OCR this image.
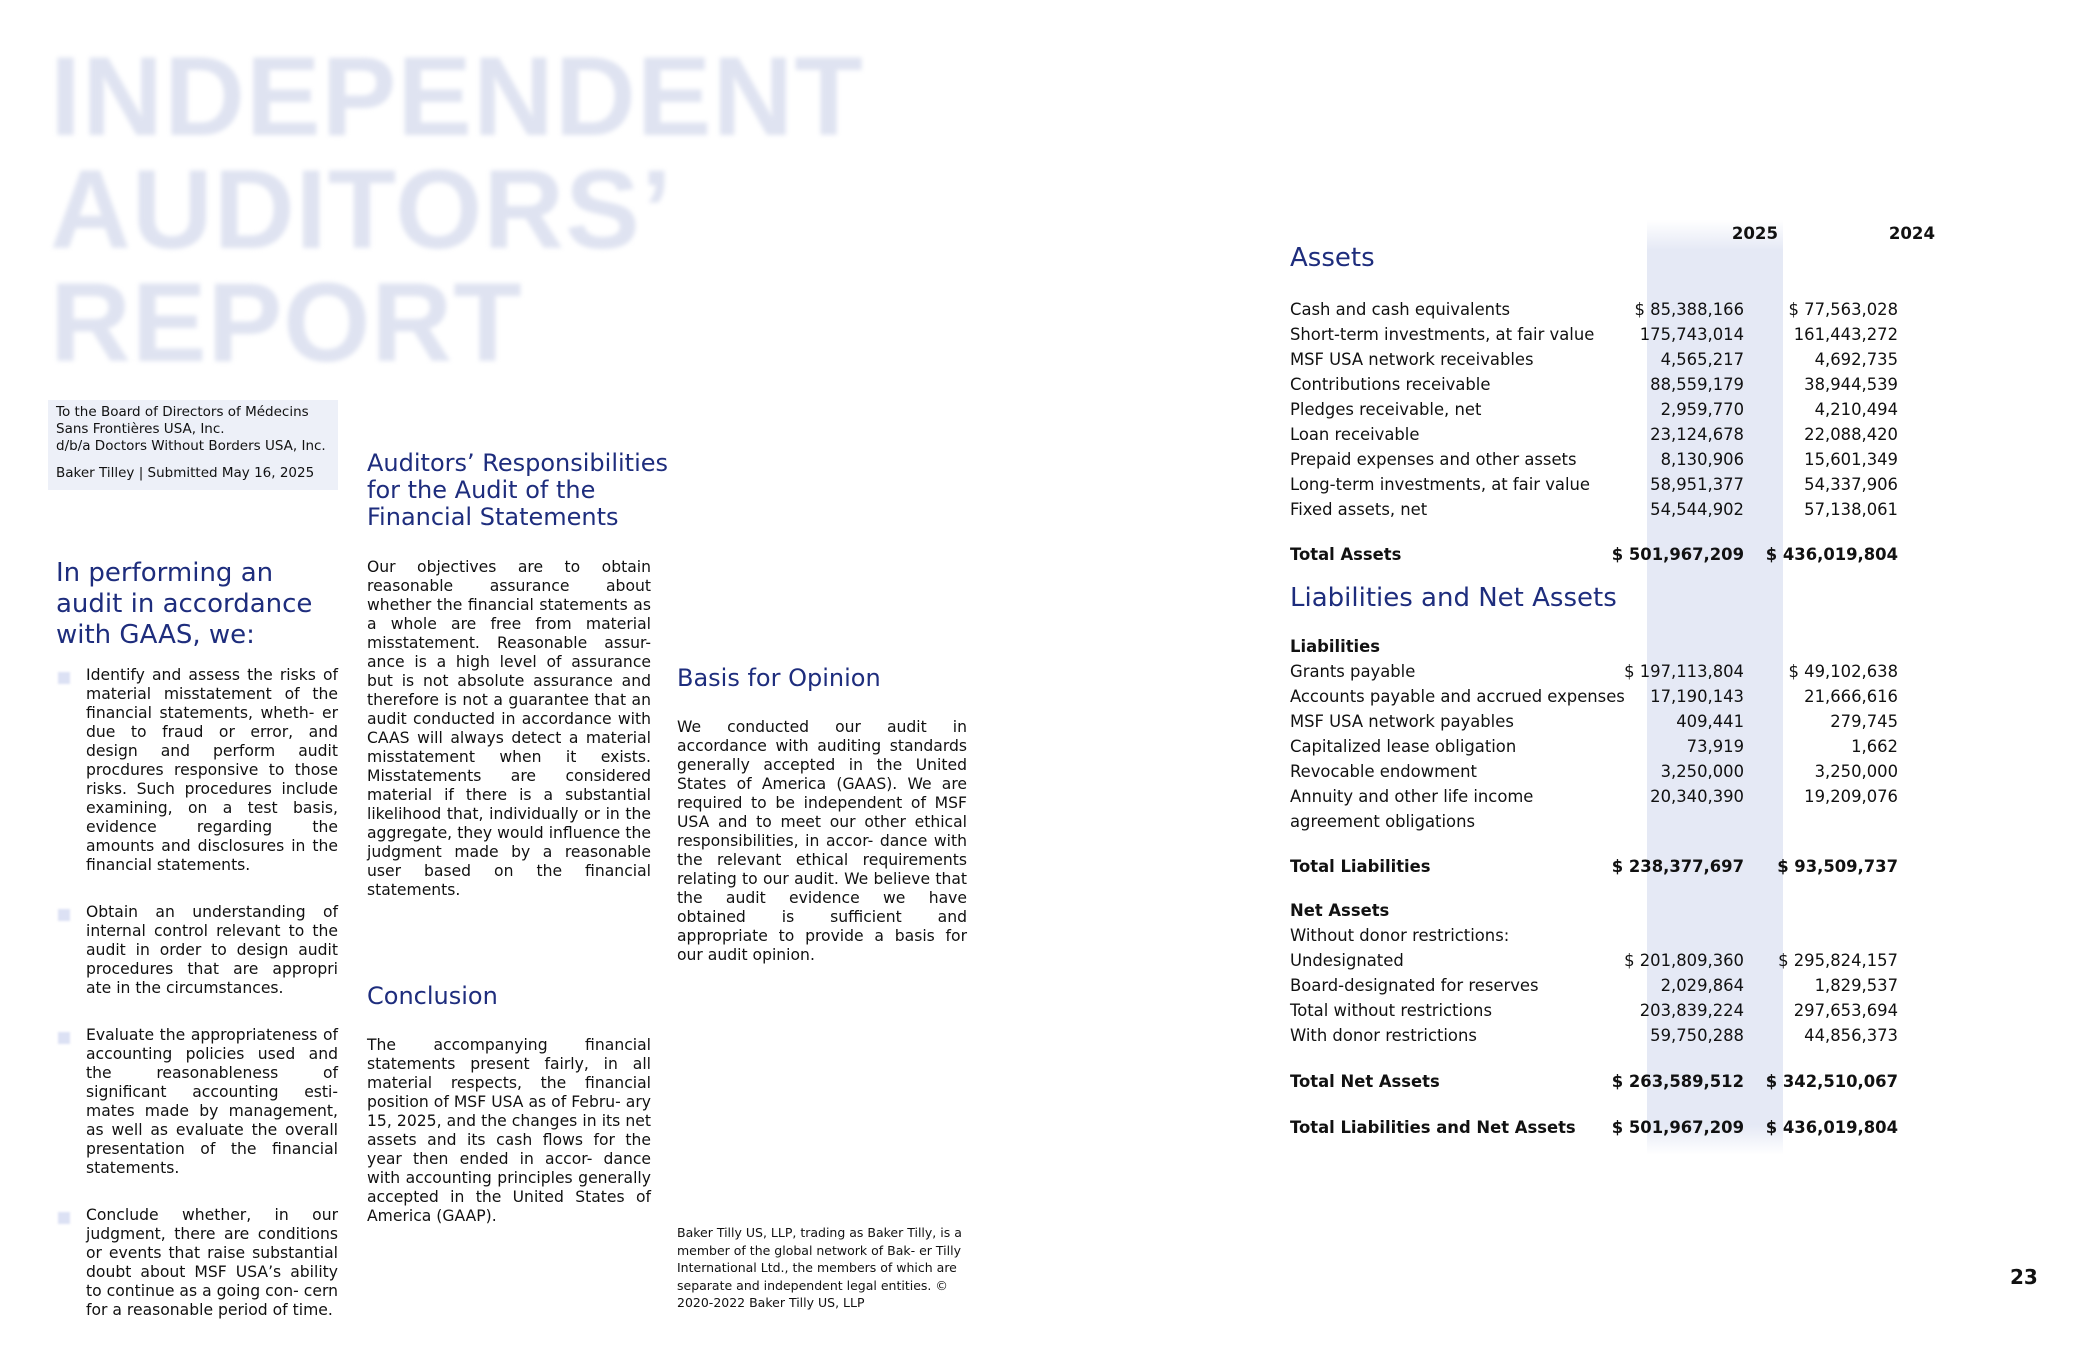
INDEPENDENT
AUDITORS’ REPORT
To the Board of Directors of Médecins
Sans Frontières USA, Inc.
d/b/a Doctors Without Borders USA, Inc.
Baker Tilley | Submitted May 16, 2025
In performing an audit in accordance with GAAS, we:
Identify and assess the risks of material misstatement of the financial statements, wheth- er due to fraud or error, and design and perform audit procdures responsive to those risks. Such procedures include examining, on a test basis, evidence regarding the amounts and disclosures in the financial statements.
Obtain an understanding of internal control relevant to the audit in order to design audit procedures that are appropri ate in the circumstances.
Evaluate the appropriateness of accounting policies used and the reasonableness of significant accounting esti- mates made by management, as well as evaluate the overall presentation of the financial statements.
Conclude whether, in our judgment, there are conditions or events that raise substantial doubt about MSF USA’s ability to continue as a going con- cern for a reasonable period of time.
Auditors’ Responsibilities for the Audit of the Financial Statements

Our objectives are to obtain reasonable assurance about whether the financial statements as a whole are free from material misstatement. Reasonable assur- ance is a high level of assurance but is not absolute assurance and therefore is not a guarantee that an audit conducted in accordance with CAAS will always detect a material misstatement when it exists. Misstatements are considered material if there is a substantial likelihood that, individually or in the aggregate, they would influence the judgment made by a reasonable user based on the financial statements.

Conclusion

The accompanying financial statements present fairly, in all material respects, the financial position of MSF USA as of Febru- ary 15, 2025, and the changes in its net assets and its cash flows for the year then ended in accor- dance with accounting principles generally accepted in the United States of America (GAAP).

Basis for Opinion

We conducted our audit in accordance with auditing standards generally accepted in the United States of America (GAAS). We are required to be independent of MSF USA and to meet our other ethical responsibilities, in accor- dance with the relevant ethical requirements relating to our audit. We believe that the audit evidence we have obtained is sufficient and appropriate to provide a basis for our audit opinion.

Baker Tilly US, LLP, trading as Baker Tilly, is a member of the global network of Bak- er Tilly International Ltd., the members of which are separate and independent legal entities. © 2020-2022 Baker Tilly US, LLP

2025	2024
Assets
Cash and cash equivalents	$ 85,388,166	$ 77,563,028
Short-term investments, at fair value	175,743,014	161,443,272
MSF USA network receivables	4,565,217	4,692,735
Contributions receivable	88,559,179	38,944,539
Pledges receivable, net	2,959,770	4,210,494
Loan receivable	23,124,678	22,088,420
Prepaid expenses and other assets	8,130,906	15,601,349
Long-term investments, at fair value	58,951,377	54,337,906
Fixed assets, net	54,544,902	57,138,061
Total Assets	$ 501,967,209 $ 436,019,804
Liabilities and Net Assets
Liabilities
Grants payable	$ 197,113,804	$ 49,102,638
Accounts payable and accrued expenses 17,190,143	21,666,616
MSF USA network payables	409,441	279,745
Capitalized lease obligation	73,919	1,662
Revocable endowment	3,250,000	3,250,000
Annuity and other life income	20,340,390	19,209,076
agreement obligations
Total Liabilities	$ 238,377,697 $ 93,509,737
Net Assets
Without donor restrictions:
Undesignated	$ 201,809,360 $ 295,824,157
Board-designated for reserves	2,029,864	1,829,537
Total without restrictions	203,839,224	297,653,694
With donor restrictions	59,750,288	44,856,373
Total Net Assets	$ 263,589,512 $ 342,510,067
Total Liabilities and Net Assets $ 501,967,209 $ 436,019,804
23
